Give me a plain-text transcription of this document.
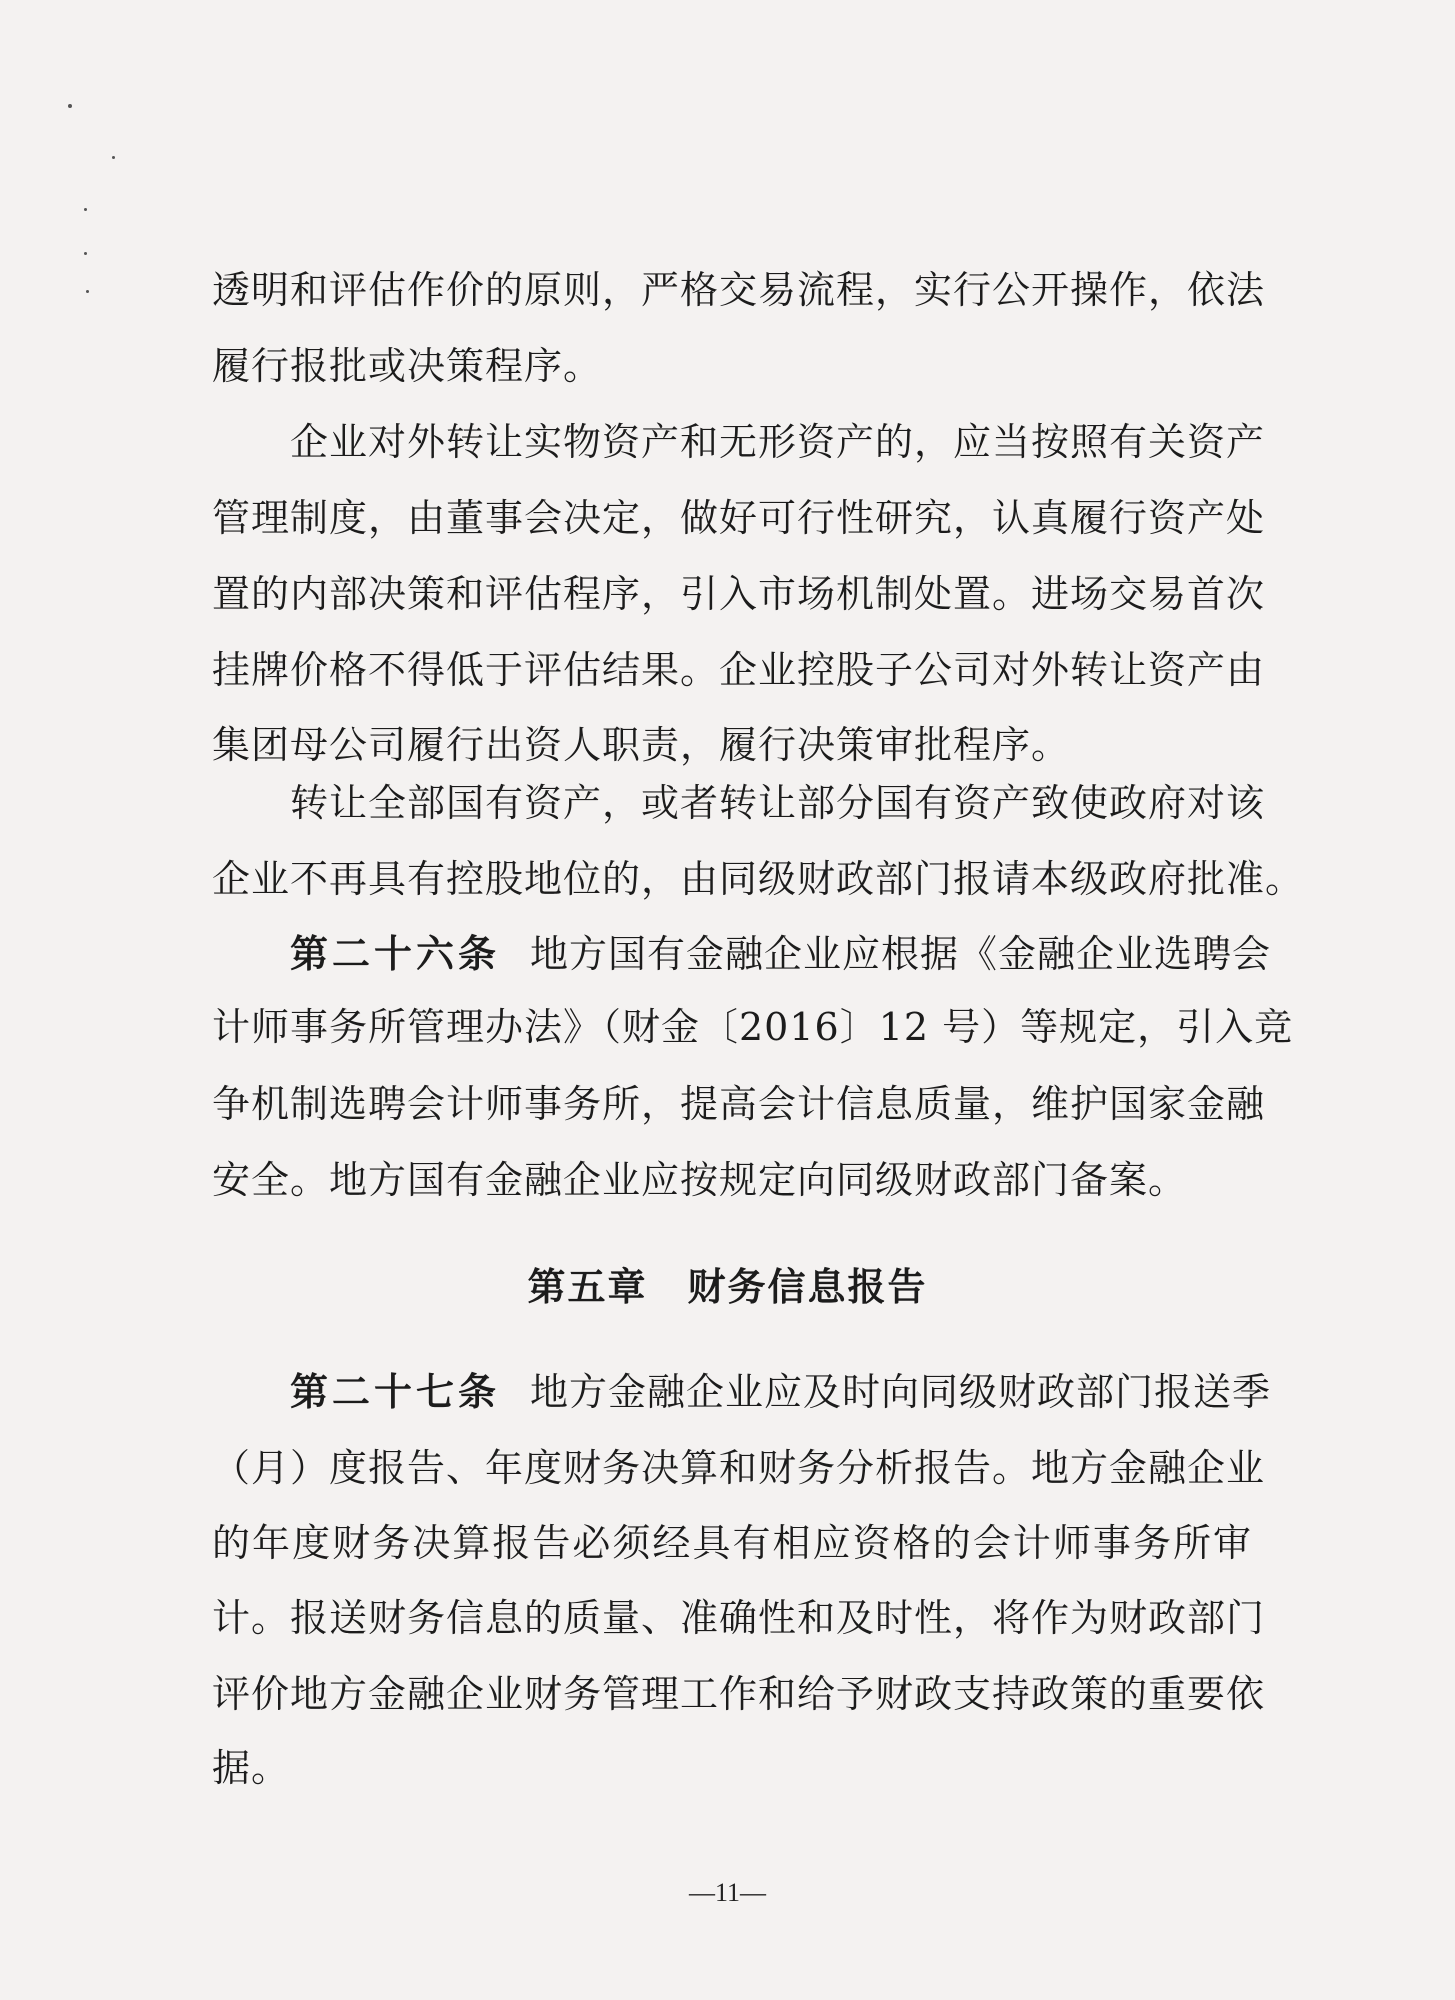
透明和评估作价的原则，严格交易流程，实行公开操作，依法
履行报批或决策程序。
企业对外转让实物资产和无形资产的，应当按照有关资产
管理制度，由董事会决定，做好可行性研究，认真履行资产处
置的内部决策和评估程序，引入市场机制处置。进场交易首次
挂牌价格不得低于评估结果。企业控股子公司对外转让资产由
集团母公司履行出资人职责，履行决策审批程序。
转让全部国有资产，或者转让部分国有资产致使政府对该
企业不再具有控股地位的，由同级财政部门报请本级政府批准。
第二十六条 地方国有金融企业应根据《金融企业选聘会
计师事务所管理办法》（财金〔2016〕12 号）等规定，引入竞
争机制选聘会计师事务所，提高会计信息质量，维护国家金融
安全。地方国有金融企业应按规定向同级财政部门备案。
第五章　财务信息报告
第二十七条 地方金融企业应及时向同级财政部门报送季
（月）度报告、年度财务决算和财务分析报告。地方金融企业
的年度财务决算报告必须经具有相应资格的会计师事务所审
计。报送财务信息的质量、准确性和及时性，将作为财政部门
评价地方金融企业财务管理工作和给予财政支持政策的重要依
据。
—11—
